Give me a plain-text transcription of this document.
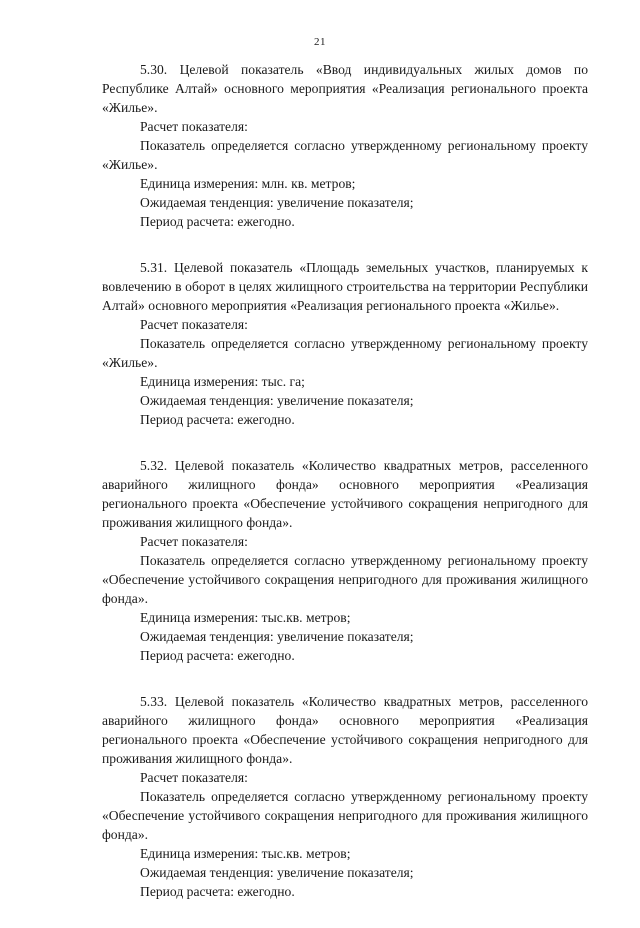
21

5.30. Целевой показатель «Ввод индивидуальных жилых домов по Республике Алтай» основного мероприятия «Реализация регионального проекта «Жилье».

Расчет показателя:

Показатель определяется согласно утвержденному региональному проекту «Жилье».

Единица измерения: млн. кв. метров;

Ожидаемая тенденция: увеличение показателя;

Период расчета: ежегодно.

5.31. Целевой показатель «Площадь земельных участков, планируемых к вовлечению в оборот в целях жилищного строительства на территории Республики Алтай» основного мероприятия «Реализация регионального проекта «Жилье».

Расчет показателя:

Показатель определяется согласно утвержденному региональному проекту «Жилье».

Единица измерения: тыс. га;

Ожидаемая тенденция: увеличение показателя;

Период расчета: ежегодно.

5.32. Целевой показатель «Количество квадратных метров, расселенного аварийного жилищного фонда» основного мероприятия «Реализация регионального проекта «Обеспечение устойчивого сокращения непригодного для проживания жилищного фонда».

Расчет показателя:

Показатель определяется согласно утвержденному региональному проекту «Обеспечение устойчивого сокращения непригодного для проживания жилищного фонда».

Единица измерения: тыс.кв. метров;

Ожидаемая тенденция: увеличение показателя;

Период расчета: ежегодно.

5.33. Целевой показатель «Количество квадратных метров, расселенного аварийного жилищного фонда» основного мероприятия «Реализация регионального проекта «Обеспечение устойчивого сокращения непригодного для проживания жилищного фонда».

Расчет показателя:

Показатель определяется согласно утвержденному региональному проекту «Обеспечение устойчивого сокращения непригодного для проживания жилищного фонда».

Единица измерения: тыс.кв. метров;

Ожидаемая тенденция: увеличение показателя;

Период расчета: ежегодно.
